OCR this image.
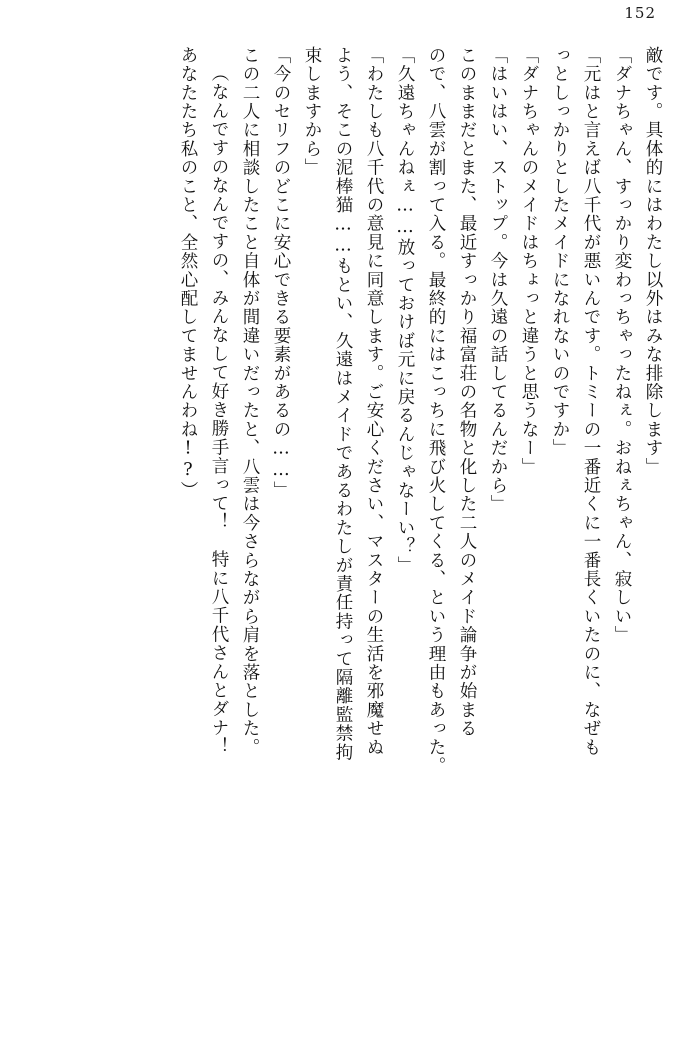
152
敵です。具体的にはわたし以外はみな排除します」
「ダナちゃん、すっかり変わっちゃったねぇ。おねぇちゃん、寂しい」
「元はと言えば八千代が悪いんです。トミーの一番近くに一番長くいたのに、なぜも
っとしっかりとしたメイドになれないのですか」
「ダナちゃんのメイドはちょっと違うと思うなー」
「はいはい、ストップ。今は久遠の話してるんだから」
このままだとまた、最近すっかり福富荘の名物と化した二人のメイド論争が始まる
ので、八雲が割って入る。最終的にはこっちに飛び火してくる、という理由もあった。
「久遠ちゃんねぇ……放っておけば元に戻るんじゃなーい？」
「わたしも八千代の意見に同意します。ご安心ください、マスターの生活を邪魔せぬ
よう、そこの泥棒猫……もとい、久遠はメイドであるわたしが責任持って隔離監禁拘
束しますから」
「今のセリフのどこに安心できる要素があるの……」
この二人に相談したこと自体が間違いだったと、八雲は今さらながら肩を落とした。
（なんですのなんですの、みんなして好き勝手言って！　特に八千代さんとダナ！
あなたたち私のこと、全然心配してませんわね!?）
